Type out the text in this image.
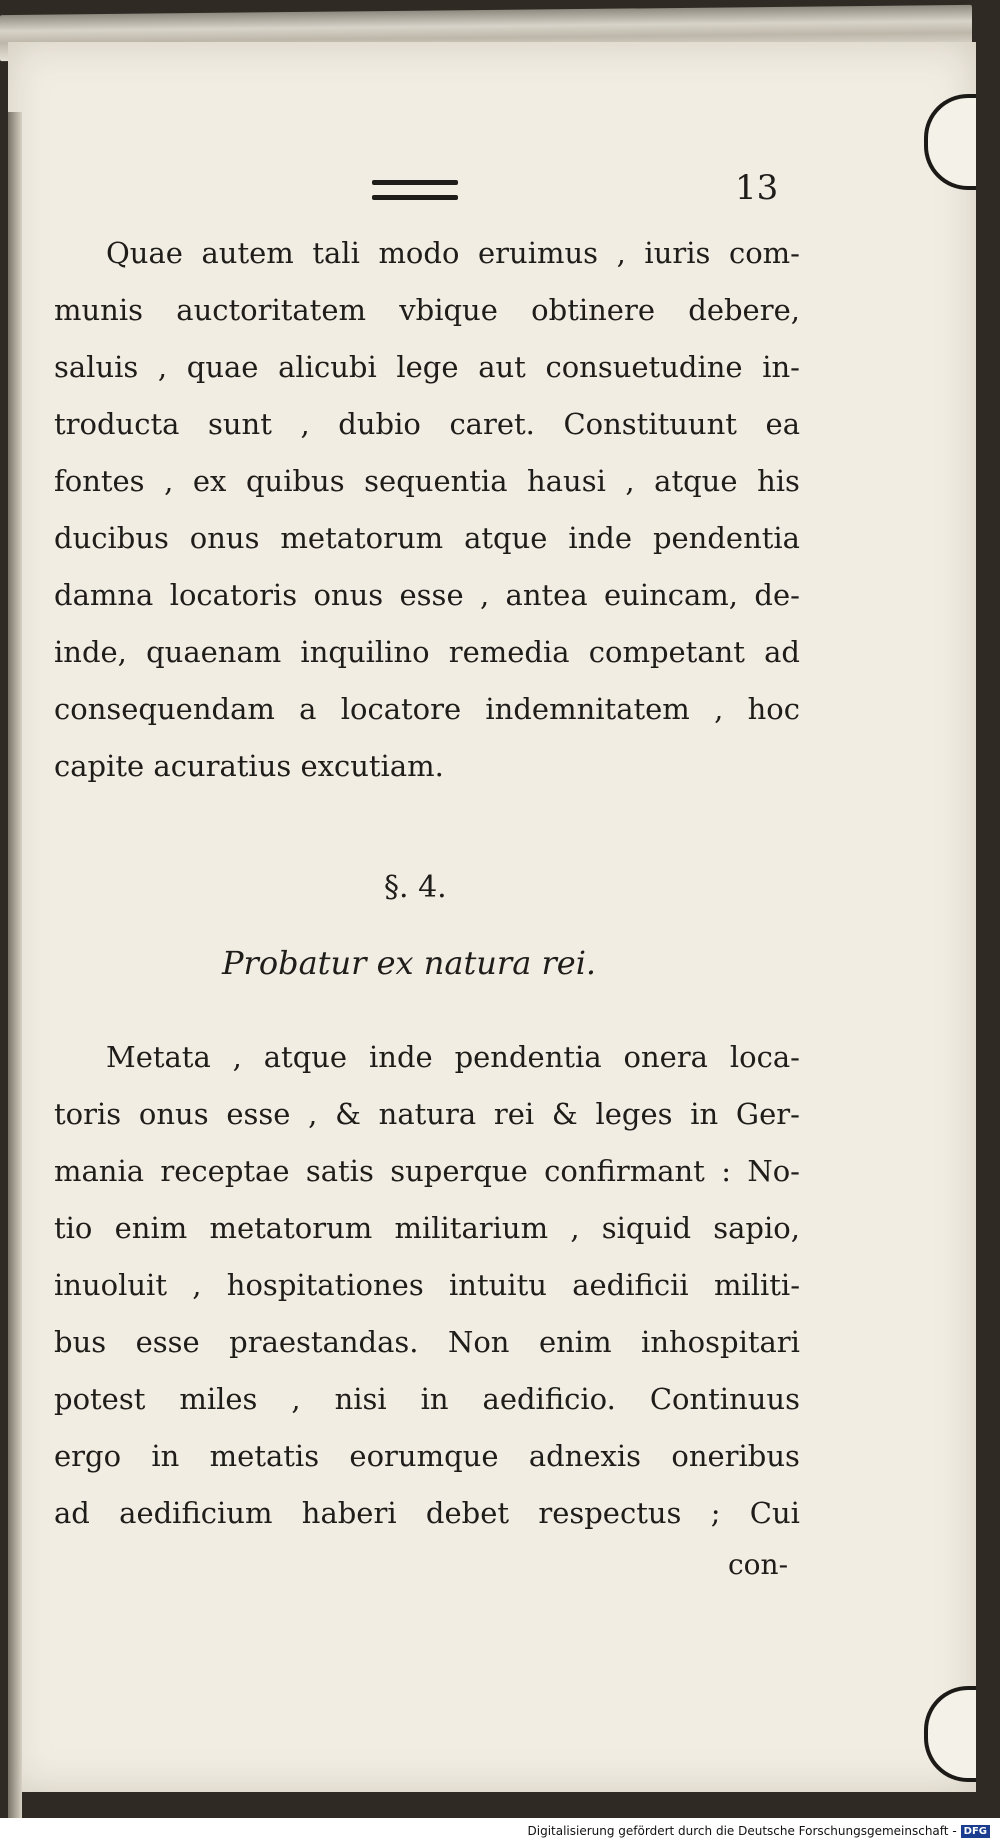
13
Quae autem tali modo eruimus , iuris com-
munis auctoritatem vbique obtinere debere,
saluis , quae alicubi lege aut consuetudine in-
troducta sunt , dubio caret. Constituunt ea
fontes , ex quibus sequentia hausi , atque his
ducibus onus metatorum atque inde pendentia
damna locatoris onus esse , antea euincam, de-
inde, quaenam inquilino remedia competant ad
consequendam a locatore indemnitatem , hoc
capite acuratius excutiam.
§. 4.
Probatur ex natura rei.
Metata , atque inde pendentia onera loca-
toris onus esse , & natura rei & leges in Ger-
mania receptae satis superque confirmant : No-
tio enim metatorum militarium , siquid sapio,
inuoluit , hospitationes intuitu aedificii militi-
bus esse praestandas. Non enim inhospitari
potest miles , nisi in aedificio. Continuus
ergo in metatis eorumque adnexis oneribus
ad aedificium haberi debet respectus ; Cui
con-
Digitalisierung gefördert durch die Deutsche Forschungsgemeinschaft - DFG
